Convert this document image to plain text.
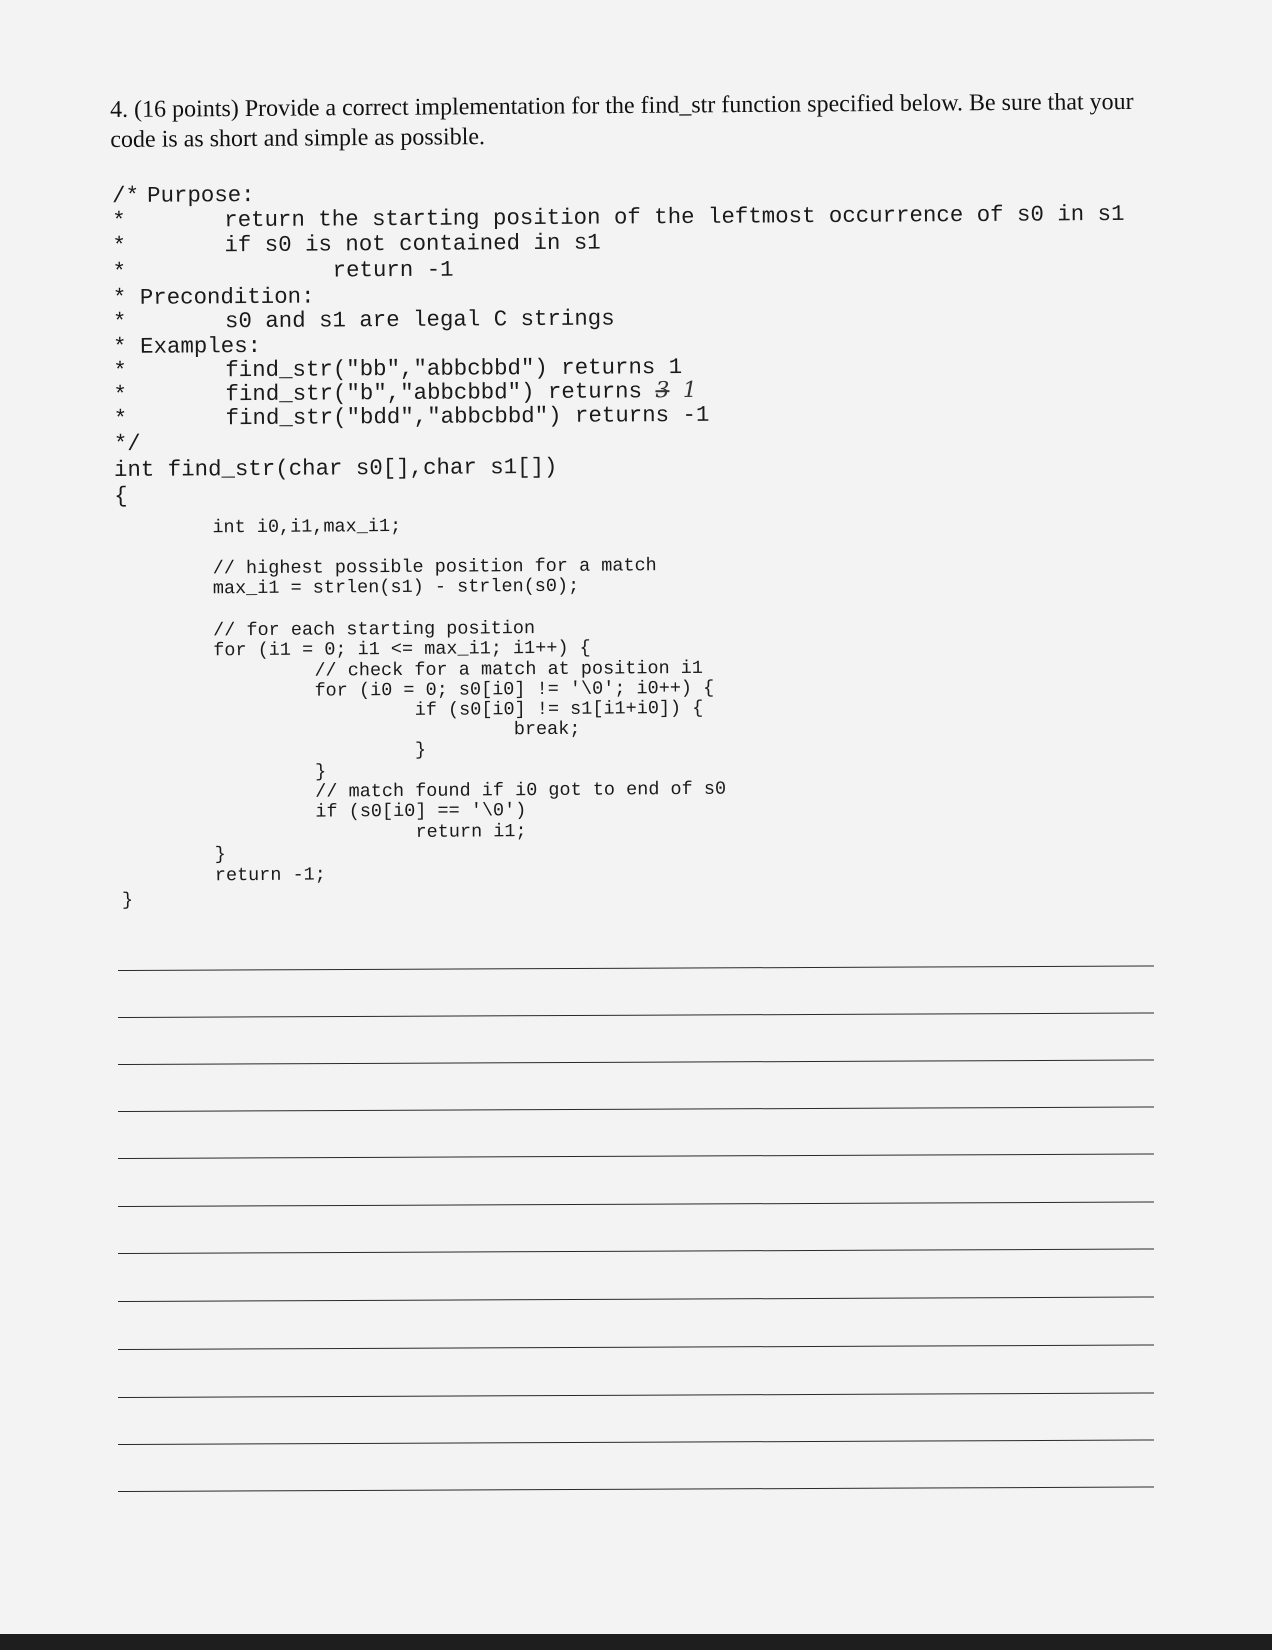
4. (16 points) Provide a correct implementation for the find_str function specified below. Be sure that your code is as short and simple as possible.
/* Purpose:
*	return the starting position of the leftmost occurrence of s0 in s1
*	if s0 is not contained in s1
*	return -1
* Precondition:
*	s0 and s1 are legal C strings
* Examples:
*	find_str("bb","abbcbbd") returns 1
*	find_str("b","abbcbbd") returns 3 1
*	find_str("bdd","abbcbbd") returns -1
*/
int find_str(char s0[],char s1[])
{
int i0,i1,max_i1;
// highest possible position for a match
max_i1 = strlen(s1) - strlen(s0);
// for each starting position
for (i1 = 0; i1 <= max_i1; i1++) {
// check for a match at position i1
for (i0 = 0; s0[i0] != '\0'; i0++) {
if (s0[i0] != s1[i1+i0]) {
break;
}
}
// match found if i0 got to end of s0
if (s0[i0] == '\0')
return i1;
}
return -1;
}
